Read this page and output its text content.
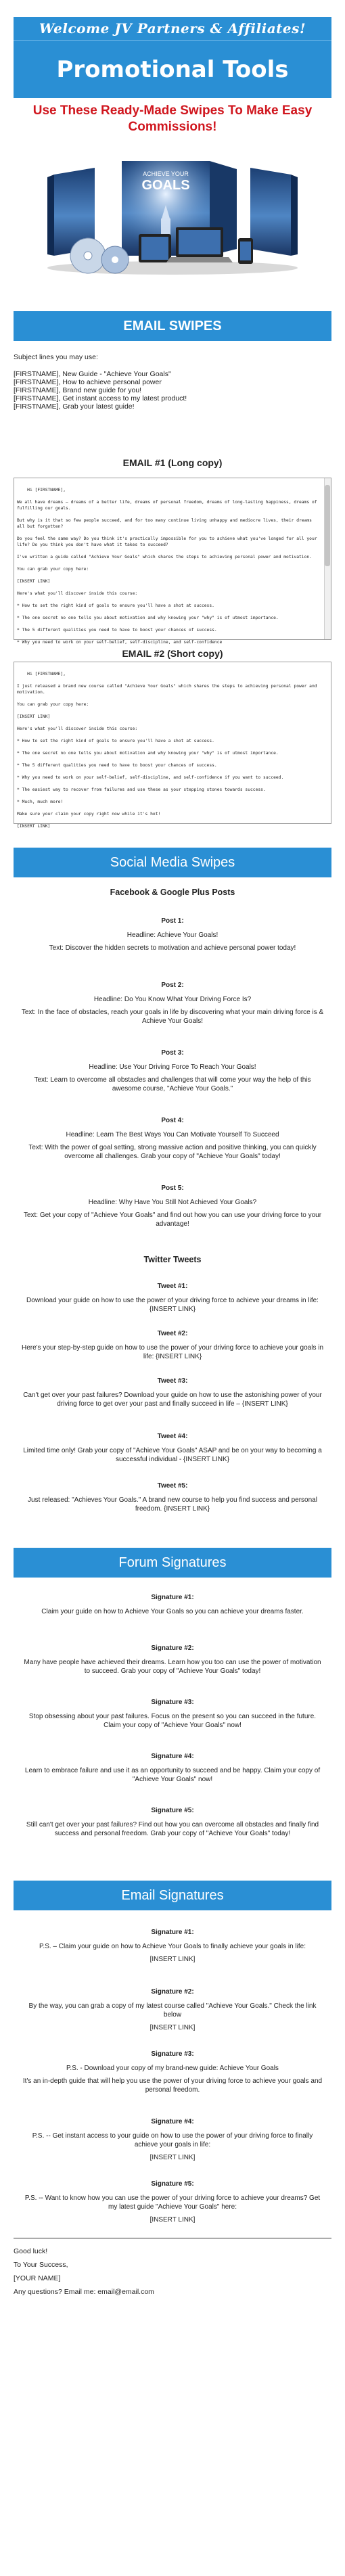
Welcome JV Partners & Affiliates!
Promotional Tools
Use These Ready-Made Swipes To Make Easy Commissions!
ACHIEVE YOUR
GOALS
EMAIL SWIPES
Subject lines you may use:
[FIRSTNAME], New Guide - "Achieve Your Goals"
[FIRSTNAME], How to achieve personal power
[FIRSTNAME], Brand new guide for you!
[FIRSTNAME], Get instant access to my latest product!
[FIRSTNAME], Grab your latest guide!
EMAIL #1 (Long copy)

Hi [FIRSTNAME],

We all have dreams – dreams of a better life, dreams of personal freedom, dreams of long-lasting happiness, dreams of fulfilling our goals.

But why is it that so few people succeed, and for too many continue living unhappy and mediocre lives, their dreams all but forgotten?

Do you feel the same way? Do you think it's practically impossible for you to achieve what you've longed for all your life? Do you think you don't have what it takes to succeed?

I've written a guide called "Achieve Your Goals" which shares the steps to achieving personal power and motivation.

You can grab your copy here:

[INSERT LINK]

Here's what you'll discover inside this course:

* How to set the right kind of goals to ensure you'll have a shot at success.

* The one secret no one tells you about motivation and why knowing your "why" is of utmost importance.

* The 5 different qualities you need to have to boost your chances of success.

* Why you need to work on your self-belief, self-discipline, and self-confidence

EMAIL #2 (Short copy)

Hi [FIRSTNAME],

I just released a brand new course called "Achieve Your Goals" which shares the steps to achieving personal power and motivation.

You can grab your copy here:

[INSERT LINK]

Here's what you'll discover inside this course:

* How to set the right kind of goals to ensure you'll have a shot at success.

* The one secret no one tells you about motivation and why knowing your "why" is of utmost importance.

* The 5 different qualities you need to have to boost your chances of success.

* Why you need to work on your self-belief, self-discipline, and self-confidence if you want to succeed.

* The easiest way to recover from failures and use these as your stepping stones towards success.

* Much, much more!

Make sure your claim your copy right now while it's hot!

[INSERT LINK]

Social Media Swipes
Facebook & Google Plus Posts
Post 1:
Headline: Achieve Your Goals!
Text: Discover the hidden secrets to motivation and achieve personal power today!
Post 2:
Headline: Do You Know What Your Driving Force Is?
Text: In the face of obstacles, reach your goals in life by discovering what your main driving force is & Achieve Your Goals!
Post 3:
Headline: Use Your Driving Force To Reach Your Goals!
Text: Learn to overcome all obstacles and challenges that will come your way the help of this awesome course, "Achieve Your Goals."
Post 4:
Headline: Learn The Best Ways You Can Motivate Yourself To Succeed
Text: With the power of goal setting, strong massive action and positive thinking, you can quickly overcome all challenges. Grab your copy of "Achieve Your Goals" today!
Post 5:
Headline: Why Have You Still Not Achieved Your Goals?
Text: Get your copy of "Achieve Your Goals" and find out how you can use your driving force to your advantage!
Twitter Tweets
Tweet #1:
Download your guide on how to use the power of your driving force to achieve your dreams in life: {INSERT LINK}
Tweet #2:
Here's your step-by-step guide on how to use the power of your driving force to achieve your goals in life: {INSERT LINK}
Tweet #3:
Can't get over your past failures? Download your guide on how to use the astonishing power of your driving force to get over your past and finally succeed in life – {INSERT LINK}
Tweet #4:
Limited time only! Grab your copy of "Achieve Your Goals" ASAP and be on your way to becoming a successful individual - {INSERT LINK}
Tweet #5:
Just released: "Achieves Your Goals." A brand new course to help you find success and personal freedom. {INSERT LINK}
Forum Signatures
Signature #1:
Claim your guide on how to Achieve Your Goals so you can achieve your dreams faster.
Signature #2:
Many have people have achieved their dreams. Learn how you too can use the power of motivation to succeed. Grab your copy of "Achieve Your Goals" today!
Signature #3:
Stop obsessing about your past failures. Focus on the present so you can succeed in the future. Claim your copy of "Achieve Your Goals" now!
Signature #4:
Learn to embrace failure and use it as an opportunity to succeed and be happy. Claim your copy of "Achieve Your Goals" now!
Signature #5:
Still can't get over your past failures? Find out how you can overcome all obstacles and finally find success and personal freedom. Grab your copy of "Achieve Your Goals" today!
Email Signatures
Signature #1:
P.S. – Claim your guide on how to Achieve Your Goals to finally achieve your goals in life:
[INSERT LINK]
Signature #2:
By the way, you can grab a copy of my latest course called "Achieve Your Goals." Check the link below
[INSERT LINK]
Signature #3:
P.S. - Download your copy of my brand-new guide: Achieve Your Goals
It's an in-depth guide that will help you use the power of your driving force to achieve your goals and personal freedom.
Signature #4:
P.S. -- Get instant access to your guide on how to use the power of your driving force to finally achieve your goals in life:
[INSERT LINK]
Signature #5:
P.S. -- Want to know how you can use the power of your driving force to achieve your dreams? Get my latest guide "Achieve Your Goals" here:
[INSERT LINK]
Good luck!
To Your Success,
[YOUR NAME]
Any questions? Email me: email@email.com
